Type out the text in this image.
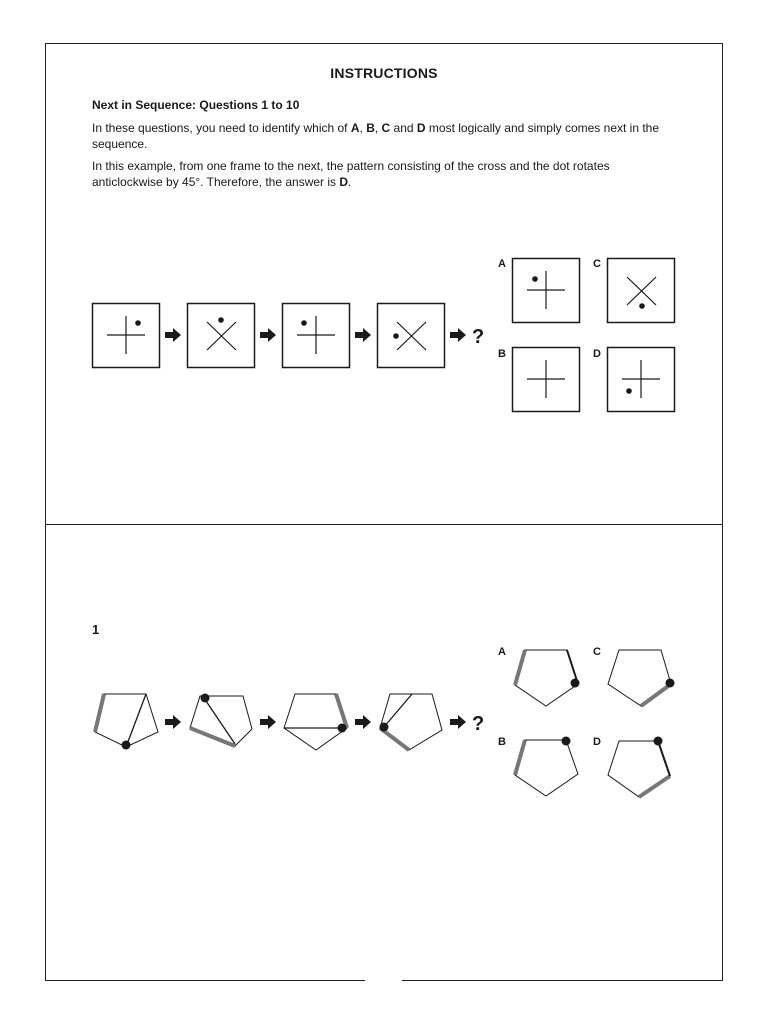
INSTRUCTIONS
Next in Sequence: Questions 1 to 10
In these questions, you need to identify which of A, B, C and D most logically and simply comes next in the sequence.
In this example, from one frame to the next, the pattern consisting of the cross and the dot rotates anticlockwise by 45°. Therefore, the answer is D.
A	C
B	D
1
A	C
B	D
?
?
